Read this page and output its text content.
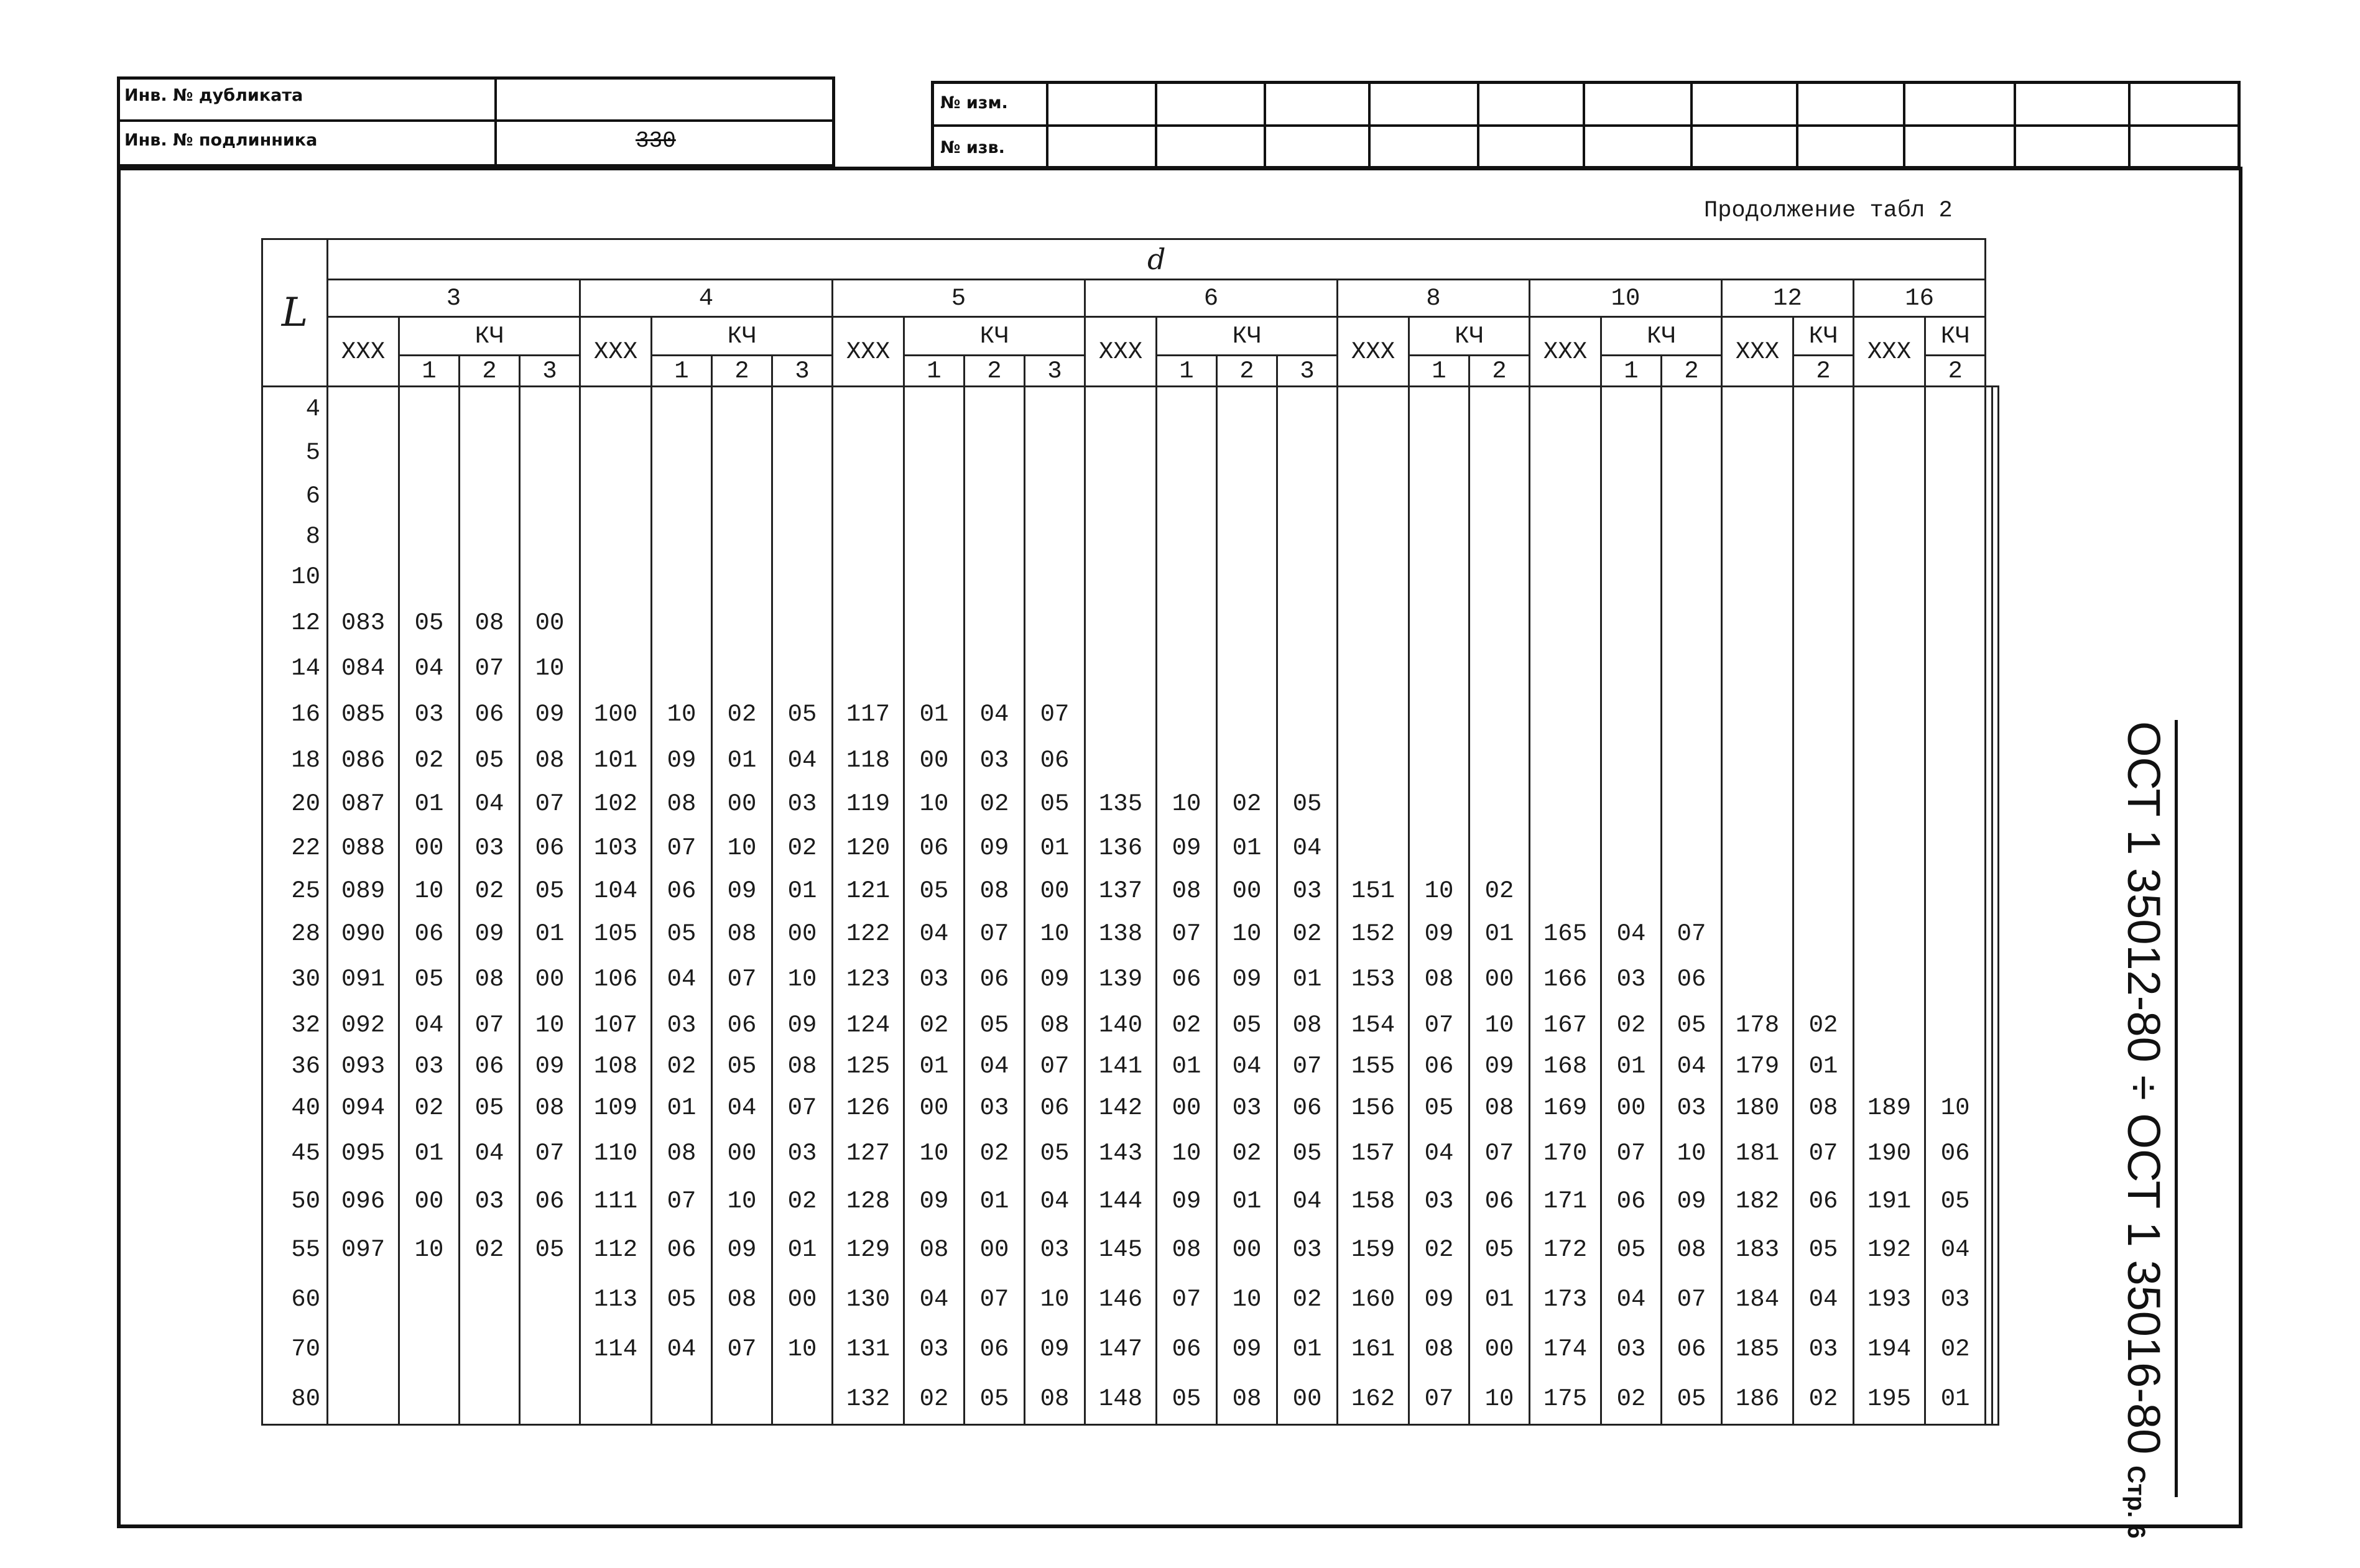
Инв. № дубликата
Инв. № подлинника	330
№ изм.
№ изв.
Продолжение табл 2
L	d																											
	3				4				5				6				8			10			12		16			
	ХХХ	КЧ			ХХХ	КЧ			ХХХ	КЧ			ХХХ	КЧ			ХХХ	КЧ		ХХХ	КЧ		ХХХ	КЧ	ХХХ	КЧ		
		1	2	3		1	2	3		1	2	3		1	2	3		1	2		1	2		2		2		
4																												
5																												
6																												
8																												
10																												
12	083	05	08	00																								
14	084	04	07	10																								
16	085	03	06	09	100	10	02	05	117	01	04	07																
18	086	02	05	08	101	09	01	04	118	00	03	06																
20	087	01	04	07	102	08	00	03	119	10	02	05	135	10	02	05												
22	088	00	03	06	103	07	10	02	120	06	09	01	136	09	01	04												
25	089	10	02	05	104	06	09	01	121	05	08	00	137	08	00	03	151	10	02									
28	090	06	09	01	105	05	08	00	122	04	07	10	138	07	10	02	152	09	01	165	04	07						
30	091	05	08	00	106	04	07	10	123	03	06	09	139	06	09	01	153	08	00	166	03	06						
32	092	04	07	10	107	03	06	09	124	02	05	08	140	02	05	08	154	07	10	167	02	05	178	02				
36	093	03	06	09	108	02	05	08	125	01	04	07	141	01	04	07	155	06	09	168	01	04	179	01				
40	094	02	05	08	109	01	04	07	126	00	03	06	142	00	03	06	156	05	08	169	00	03	180	08	189	10		
45	095	01	04	07	110	08	00	03	127	10	02	05	143	10	02	05	157	04	07	170	07	10	181	07	190	06		
50	096	00	03	06	111	07	10	02	128	09	01	04	144	09	01	04	158	03	06	171	06	09	182	06	191	05		
55	097	10	02	05	112	06	09	01	129	08	00	03	145	08	00	03	159	02	05	172	05	08	183	05	192	04		
60					113	05	08	00	130	04	07	10	146	07	10	02	160	09	01	173	04	07	184	04	193	03		
70					114	04	07	10	131	03	06	09	147	06	09	01	161	08	00	174	03	06	185	03	194	02		
80									132	02	05	08	148	05	08	00	162	07	10	175	02	05	186	02	195	01			ОСТ 1 35012-80 ÷ ОСТ 1 35016-80Стр. 6
